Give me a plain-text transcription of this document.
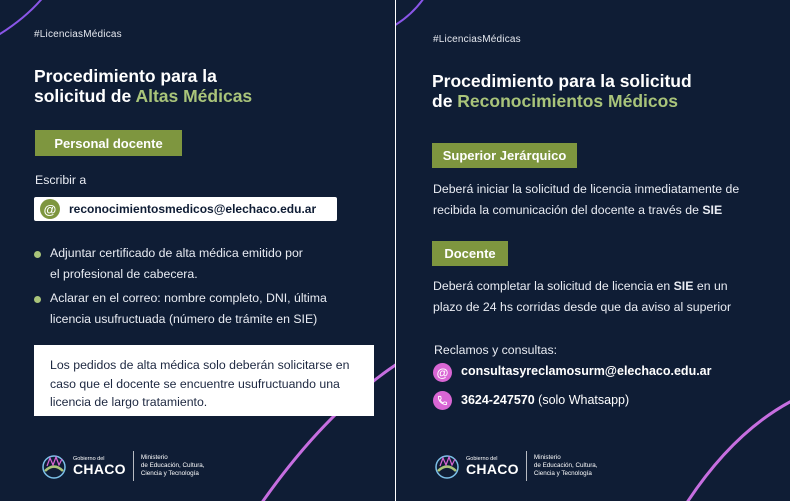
#LicenciasMédicas
Procedimiento para la
solicitud de Altas Médicas
Personal docente
Escribir a
@	reconocimientosmedicos@elechaco.edu.ar
Adjuntar certificado de alta médica emitido por
el profesional de cabecera.
Aclarar en el correo: nombre completo, DNI, última
licencia usufructuada (número de trámite en SIE)
Los pedidos de alta médica solo deberán solicitarse en
caso que el docente se encuentre usufructuando una
licencia de largo tratamiento.
Gobierno del
CHACO
Ministerio
de Educación, Cultura,
Ciencia y Tecnología
#LicenciasMédicas
Procedimiento para la solicitud
de Reconocimientos Médicos
Superior Jerárquico
Deberá iniciar la solicitud de licencia inmediatamente de
recibida la comunicación del docente a través de SIE
Docente
Deberá completar la solicitud de licencia en SIE en un
plazo de 24 hs corridas desde que da aviso al superior
Reclamos y consultas:
@ consultasyreclamosurm@elechaco.edu.ar
3624-247570 (solo Whatsapp)
Gobierno del
CHACO
Ministerio
de Educación, Cultura,
Ciencia y Tecnología
